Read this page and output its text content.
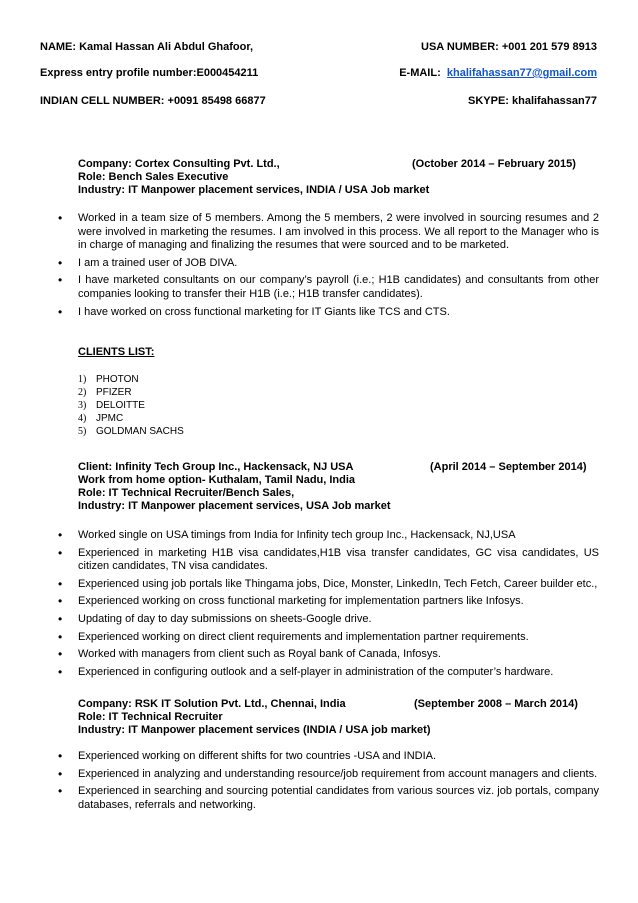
NAME: Kamal Hassan Ali Abdul Ghafoor,	USA NUMBER: +001 201 579 8913
Express entry profile number:E000454211	E-MAIL: khalifahassan77@gmail.com
INDIAN CELL NUMBER: +0091 85498 66877	SKYPE: khalifahassan77
Company: Cortex Consulting Pvt. Ltd.,	(October 2014 – February 2015)
Role: Bench Sales Executive
Industry: IT Manpower placement services, INDIA / USA Job market
• Worked in a team size of 5 members. Among the 5 members, 2 were involved in sourcing resumes and 2 were involved in marketing the resumes. I am involved in this process. We all report to the Manager who is in charge of managing and finalizing the resumes that were sourced and to be marketed.
• I am a trained user of JOB DIVA.
• I have marketed consultants on our company’s payroll (i.e.; H1B candidates) and consultants from other companies looking to transfer their H1B (i.e.; H1B transfer candidates).
• I have worked on cross functional marketing for IT Giants like TCS and CTS.
CLIENTS LIST:
1) PHOTON
2) PFIZER
3) DELOITTE
4) JPMC
5) GOLDMAN SACHS
Client: Infinity Tech Group Inc., Hackensack, NJ USA	(April 2014 – September 2014)
Work from home option- Kuthalam, Tamil Nadu, India
Role: IT Technical Recruiter/Bench Sales,
Industry: IT Manpower placement services, USA Job market
• Worked single on USA timings from India for Infinity tech group Inc., Hackensack, NJ,USA
• Experienced in marketing H1B visa candidates,H1B visa transfer candidates, GC visa candidates, US citizen candidates, TN visa candidates.
• Experienced using job portals like Thingama jobs, Dice, Monster, LinkedIn, Tech Fetch, Career builder etc.,
• Experienced working on cross functional marketing for implementation partners like Infosys.
• Updating of day to day submissions on sheets-Google drive.
• Experienced working on direct client requirements and implementation partner requirements.
• Worked with managers from client such as Royal bank of Canada, Infosys.
• Experienced in configuring outlook and a self-player in administration of the computer’s hardware.
Company: RSK IT Solution Pvt. Ltd., Chennai, India	(September 2008 – March 2014)
Role: IT Technical Recruiter
Industry: IT Manpower placement services (INDIA / USA job market)
• Experienced working on different shifts for two countries -USA and INDIA.
• Experienced in analyzing and understanding resource/job requirement from account managers and clients.
• Experienced in searching and sourcing potential candidates from various sources viz. job portals, company databases, referrals and networking.
